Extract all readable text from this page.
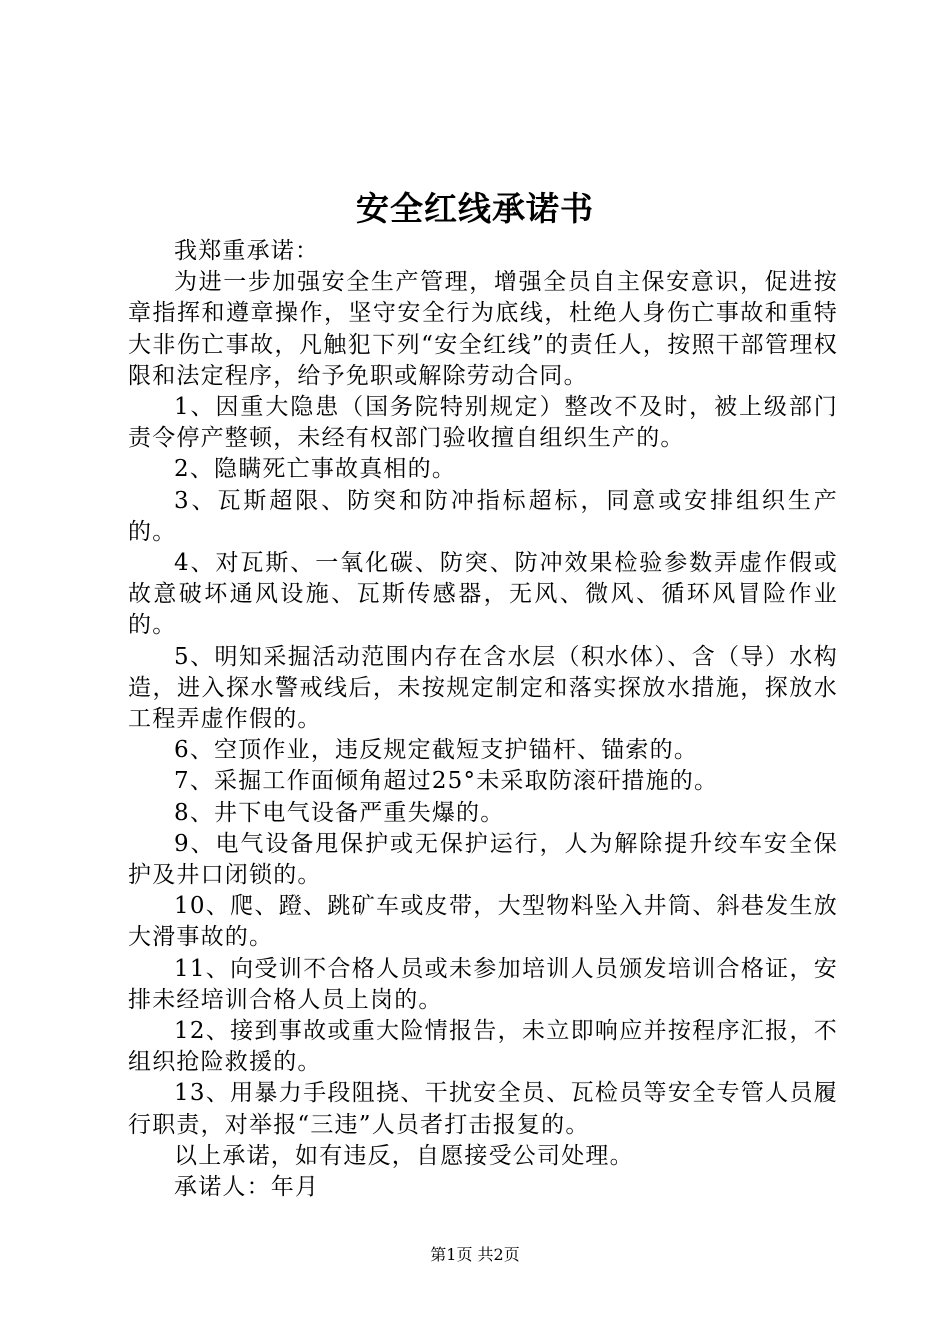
安全红线承诺书

我郑重承诺：

为进一步加强安全生产管理，增强全员自主保安意识，促进按章指挥和遵章操作，坚守安全行为底线，杜绝人身伤亡事故和重特大非伤亡事故，凡触犯下列“安全红线”的责任人，按照干部管理权限和法定程序，给予免职或解除劳动合同。

1、因重大隐患（国务院特别规定）整改不及时，被上级部门责令停产整顿，未经有权部门验收擅自组织生产的。

2、隐瞒死亡事故真相的。

3、瓦斯超限、防突和防冲指标超标，同意或安排组织生产的。

4、对瓦斯、一氧化碳、防突、防冲效果检验参数弄虚作假或故意破坏通风设施、瓦斯传感器，无风、微风、循环风冒险作业的。

5、明知采掘活动范围内存在含水层（积水体）、含（导）水构造，进入探水警戒线后，未按规定制定和落实探放水措施，探放水工程弄虚作假的。

6、空顶作业，违反规定截短支护锚杆、锚索的。

7、采掘工作面倾角超过25°未采取防滚矸措施的。

8、井下电气设备严重失爆的。

9、电气设备甩保护或无保护运行，人为解除提升绞车安全保护及井口闭锁的。

10、爬、蹬、跳矿车或皮带，大型物料坠入井筒、斜巷发生放大滑事故的。

11、向受训不合格人员或未参加培训人员颁发培训合格证，安排未经培训合格人员上岗的。

12、接到事故或重大险情报告，未立即响应并按程序汇报，不组织抢险救援的。

13、用暴力手段阻挠、干扰安全员、瓦检员等安全专管人员履行职责，对举报“三违”人员者打击报复的。

以上承诺，如有违反，自愿接受公司处理。

承诺人：年月

第1页 共2页
